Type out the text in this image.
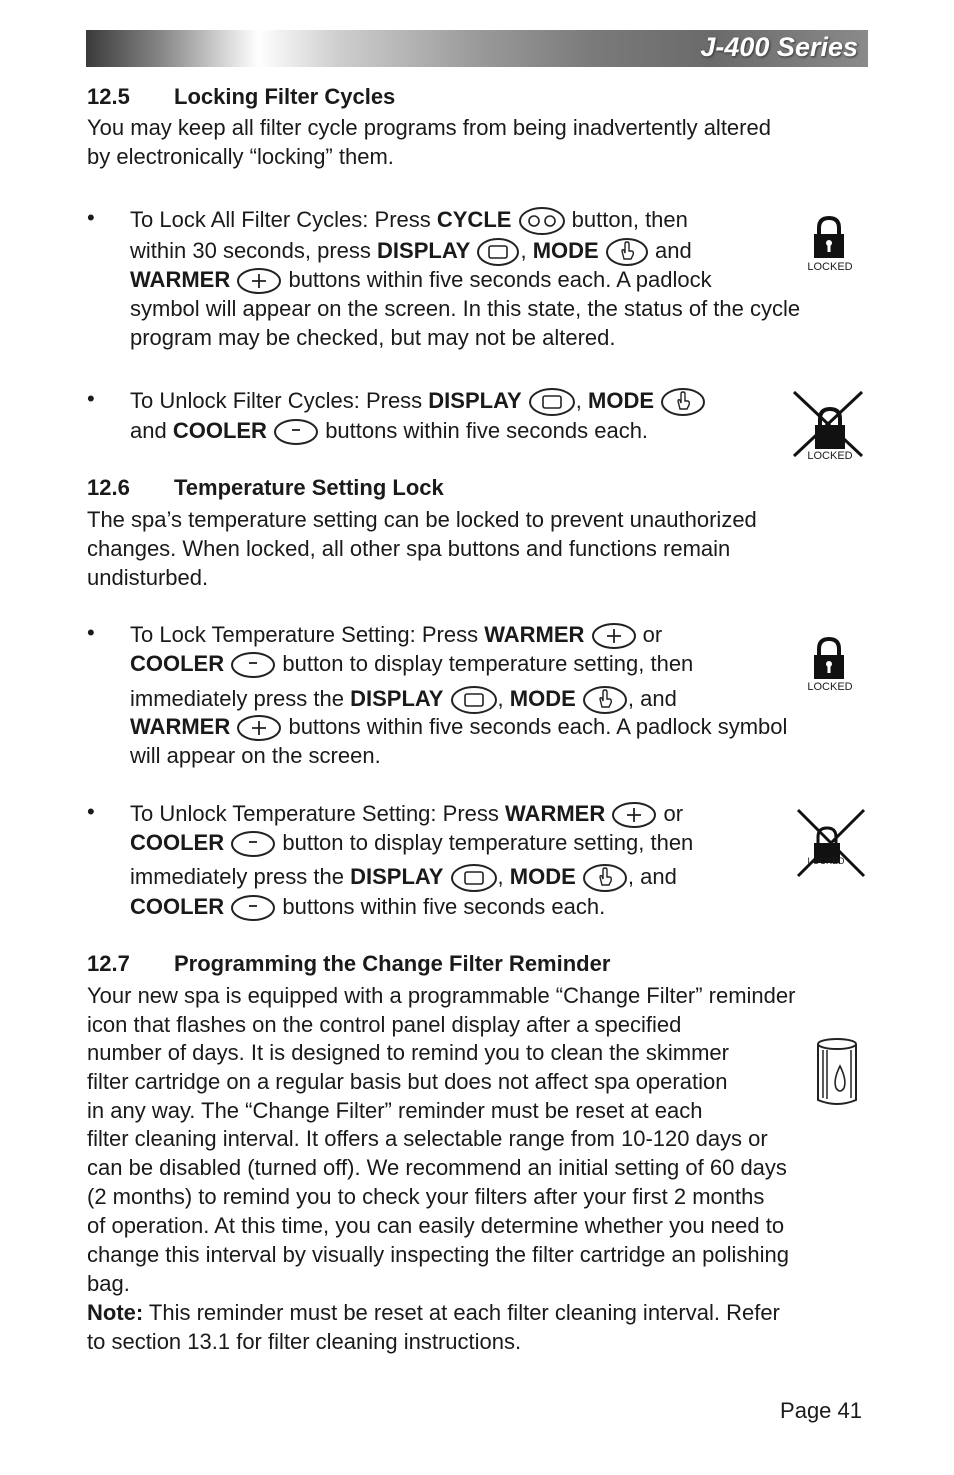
J-400 Series
12.5 Locking Filter Cycles
You may keep all filter cycle programs from being inadvertently altered
by electronically “locking” them.
• To Lock All Filter Cycles: Press CYCLE  button, then
within 30 seconds, press DISPLAY , MODE	and
WARMER  buttons within five seconds each. A padlock
symbol will appear on the screen. In this state, the status of the cycle
program may be checked, but may not be altered.
LOCKED
• To Unlock Filter Cycles: Press DISPLAY , MODE
and COOLER  buttons within five seconds each.
LOCKED
12.6 Temperature Setting Lock
The spa’s temperature setting can be locked to prevent unauthorized
changes. When locked, all other spa buttons and functions remain
undisturbed.
• To Lock Temperature Setting: Press WARMER  or
COOLER  button to display temperature setting, then
immediately press the DISPLAY , MODE , and
WARMER  buttons within five seconds each. A padlock symbol
will appear on the screen.
LOCKED
• To Unlock Temperature Setting: Press WARMER  or
COOLER  button to display temperature setting, then
immediately press the DISPLAY , MODE , and
COOLER  buttons within five seconds each.
LOCKED
12.7 Programming the Change Filter Reminder
Your new spa is equipped with a programmable “Change Filter” reminder
icon that flashes on the control panel display after a specified
number of days. It is designed to remind you to clean the skimmer
filter cartridge on a regular basis but does not affect spa operation
in any way. The “Change Filter” reminder must be reset at each
filter cleaning interval. It offers a selectable range from 10-120 days or
can be disabled (turned off). We recommend an initial setting of 60 days
(2 months) to remind you to check your filters after your first 2 months
of operation. At this time, you can easily determine whether you need to
change this interval by visually inspecting the filter cartridge an polishing
bag.
Note: This reminder must be reset at each filter cleaning interval. Refer
to section 13.1 for filter cleaning instructions.
Page 41
